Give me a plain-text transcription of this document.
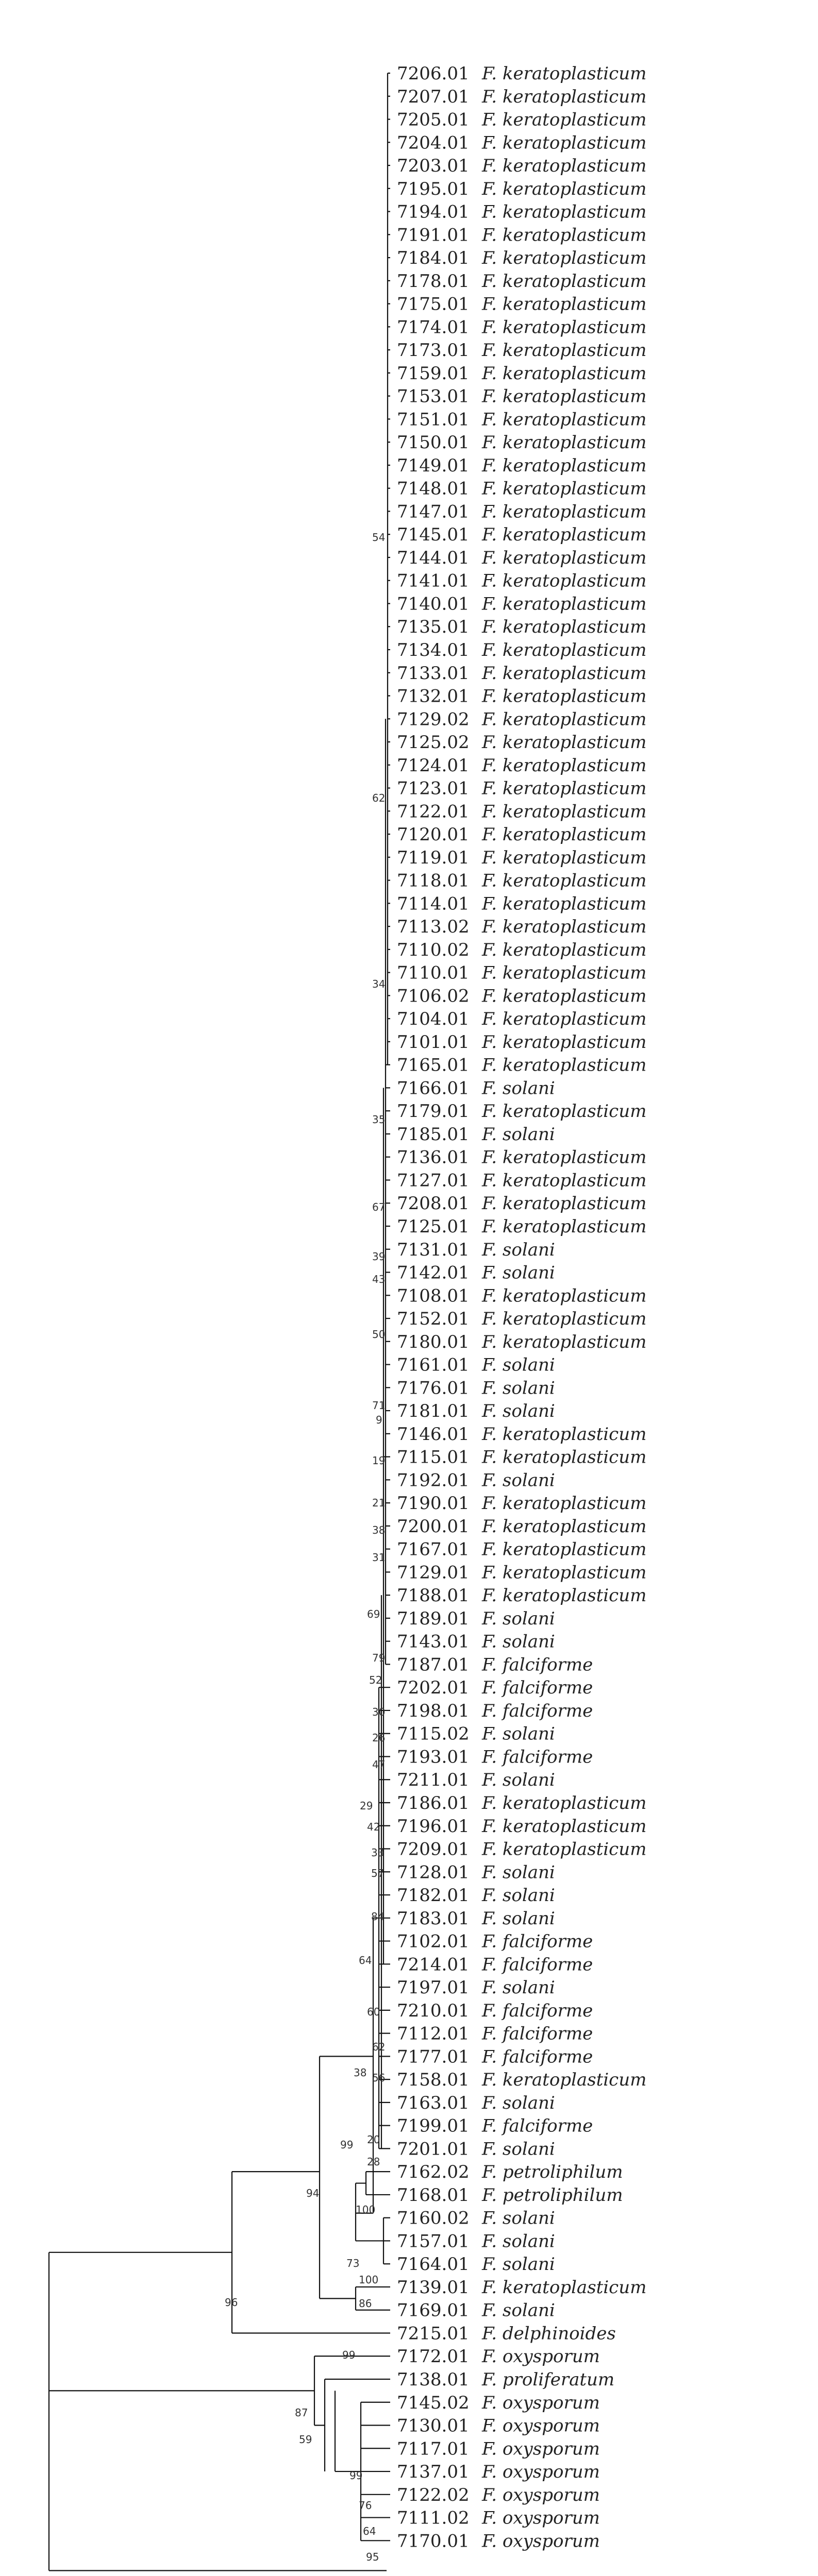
7206.01 F. keratoplasticum
7207.01 F. keratoplasticum
7205.01 F. keratoplasticum
7204.01 F. keratoplasticum
7203.01 F. keratoplasticum
7195.01 F. keratoplasticum
7194.01 F. keratoplasticum
7191.01 F. keratoplasticum
7184.01 F. keratoplasticum
7178.01 F. keratoplasticum
7175.01 F. keratoplasticum
7174.01 F. keratoplasticum
7173.01 F. keratoplasticum
7159.01 F. keratoplasticum
7153.01 F. keratoplasticum
7151.01 F. keratoplasticum
7150.01 F. keratoplasticum
7149.01 F. keratoplasticum
7148.01 F. keratoplasticum
7147.01 F. keratoplasticum
7145.01 F. keratoplasticum
7144.01 F. keratoplasticum
7141.01 F. keratoplasticum
7140.01 F. keratoplasticum
7135.01 F. keratoplasticum
7134.01 F. keratoplasticum
7133.01 F. keratoplasticum
7132.01 F. keratoplasticum
7129.02 F. keratoplasticum
7125.02 F. keratoplasticum
7124.01 F. keratoplasticum
7123.01 F. keratoplasticum
7122.01 F. keratoplasticum
7120.01 F. keratoplasticum
7119.01 F. keratoplasticum
7118.01 F. keratoplasticum
7114.01 F. keratoplasticum
7113.02 F. keratoplasticum
7110.02 F. keratoplasticum
7110.01 F. keratoplasticum
7106.02 F. keratoplasticum
7104.01 F. keratoplasticum
7101.01 F. keratoplasticum
7165.01 F. keratoplasticum
7166.01 F. solani
7179.01 F. keratoplasticum
7185.01 F. solani
7136.01 F. keratoplasticum
7127.01 F. keratoplasticum
7208.01 F. keratoplasticum
7125.01 F. keratoplasticum
7131.01 F. solani
7142.01 F. solani
7108.01 F. keratoplasticum
7152.01 F. keratoplasticum
7180.01 F. keratoplasticum
7161.01 F. solani
7176.01 F. solani
7181.01 F. solani
7146.01 F. keratoplasticum
7115.01 F. keratoplasticum
7192.01 F. solani
7190.01 F. keratoplasticum
7200.01 F. keratoplasticum
7167.01 F. keratoplasticum
7129.01 F. keratoplasticum
7188.01 F. keratoplasticum
7189.01 F. solani
7143.01 F. solani
7187.01 F. falciforme
7202.01 F. falciforme
7198.01 F. falciforme
7115.02 F. solani
7193.01 F. falciforme
7211.01 F. solani
7186.01 F. keratoplasticum
7196.01 F. keratoplasticum
7209.01 F. keratoplasticum
7128.01 F. solani
7182.01 F. solani
7183.01 F. solani
7102.01 F. falciforme
7214.01 F. falciforme
7197.01 F. solani
7210.01 F. falciforme
7112.01 F. falciforme
7177.01 F. falciforme
7158.01 F. keratoplasticum
7163.01 F. solani
7199.01 F. falciforme
7201.01 F. solani
7162.02 F. petroliphilum
7168.01 F. petroliphilum
7160.02 F. solani
7157.01 F. solani
7164.01 F. solani
7139.01 F. keratoplasticum
7169.01 F. solani
7215.01 F. delphinoides
7172.01 F. oxysporum
7138.01 F. proliferatum
7145.02 F. oxysporum
7130.01 F. oxysporum
7117.01 F. oxysporum
7137.01 F. oxysporum
7122.02 F. oxysporum
7111.02 F. oxysporum
7170.01 F. oxysporum
54
62
34
35
67
39
43
50
71
9
19
21
38
31
69
79
52
30
26
47
29
42
33
57
84
64
60
62
56
38
20
28
99
94
100
73
100
86
96
99
87
59
99
76
64
95
